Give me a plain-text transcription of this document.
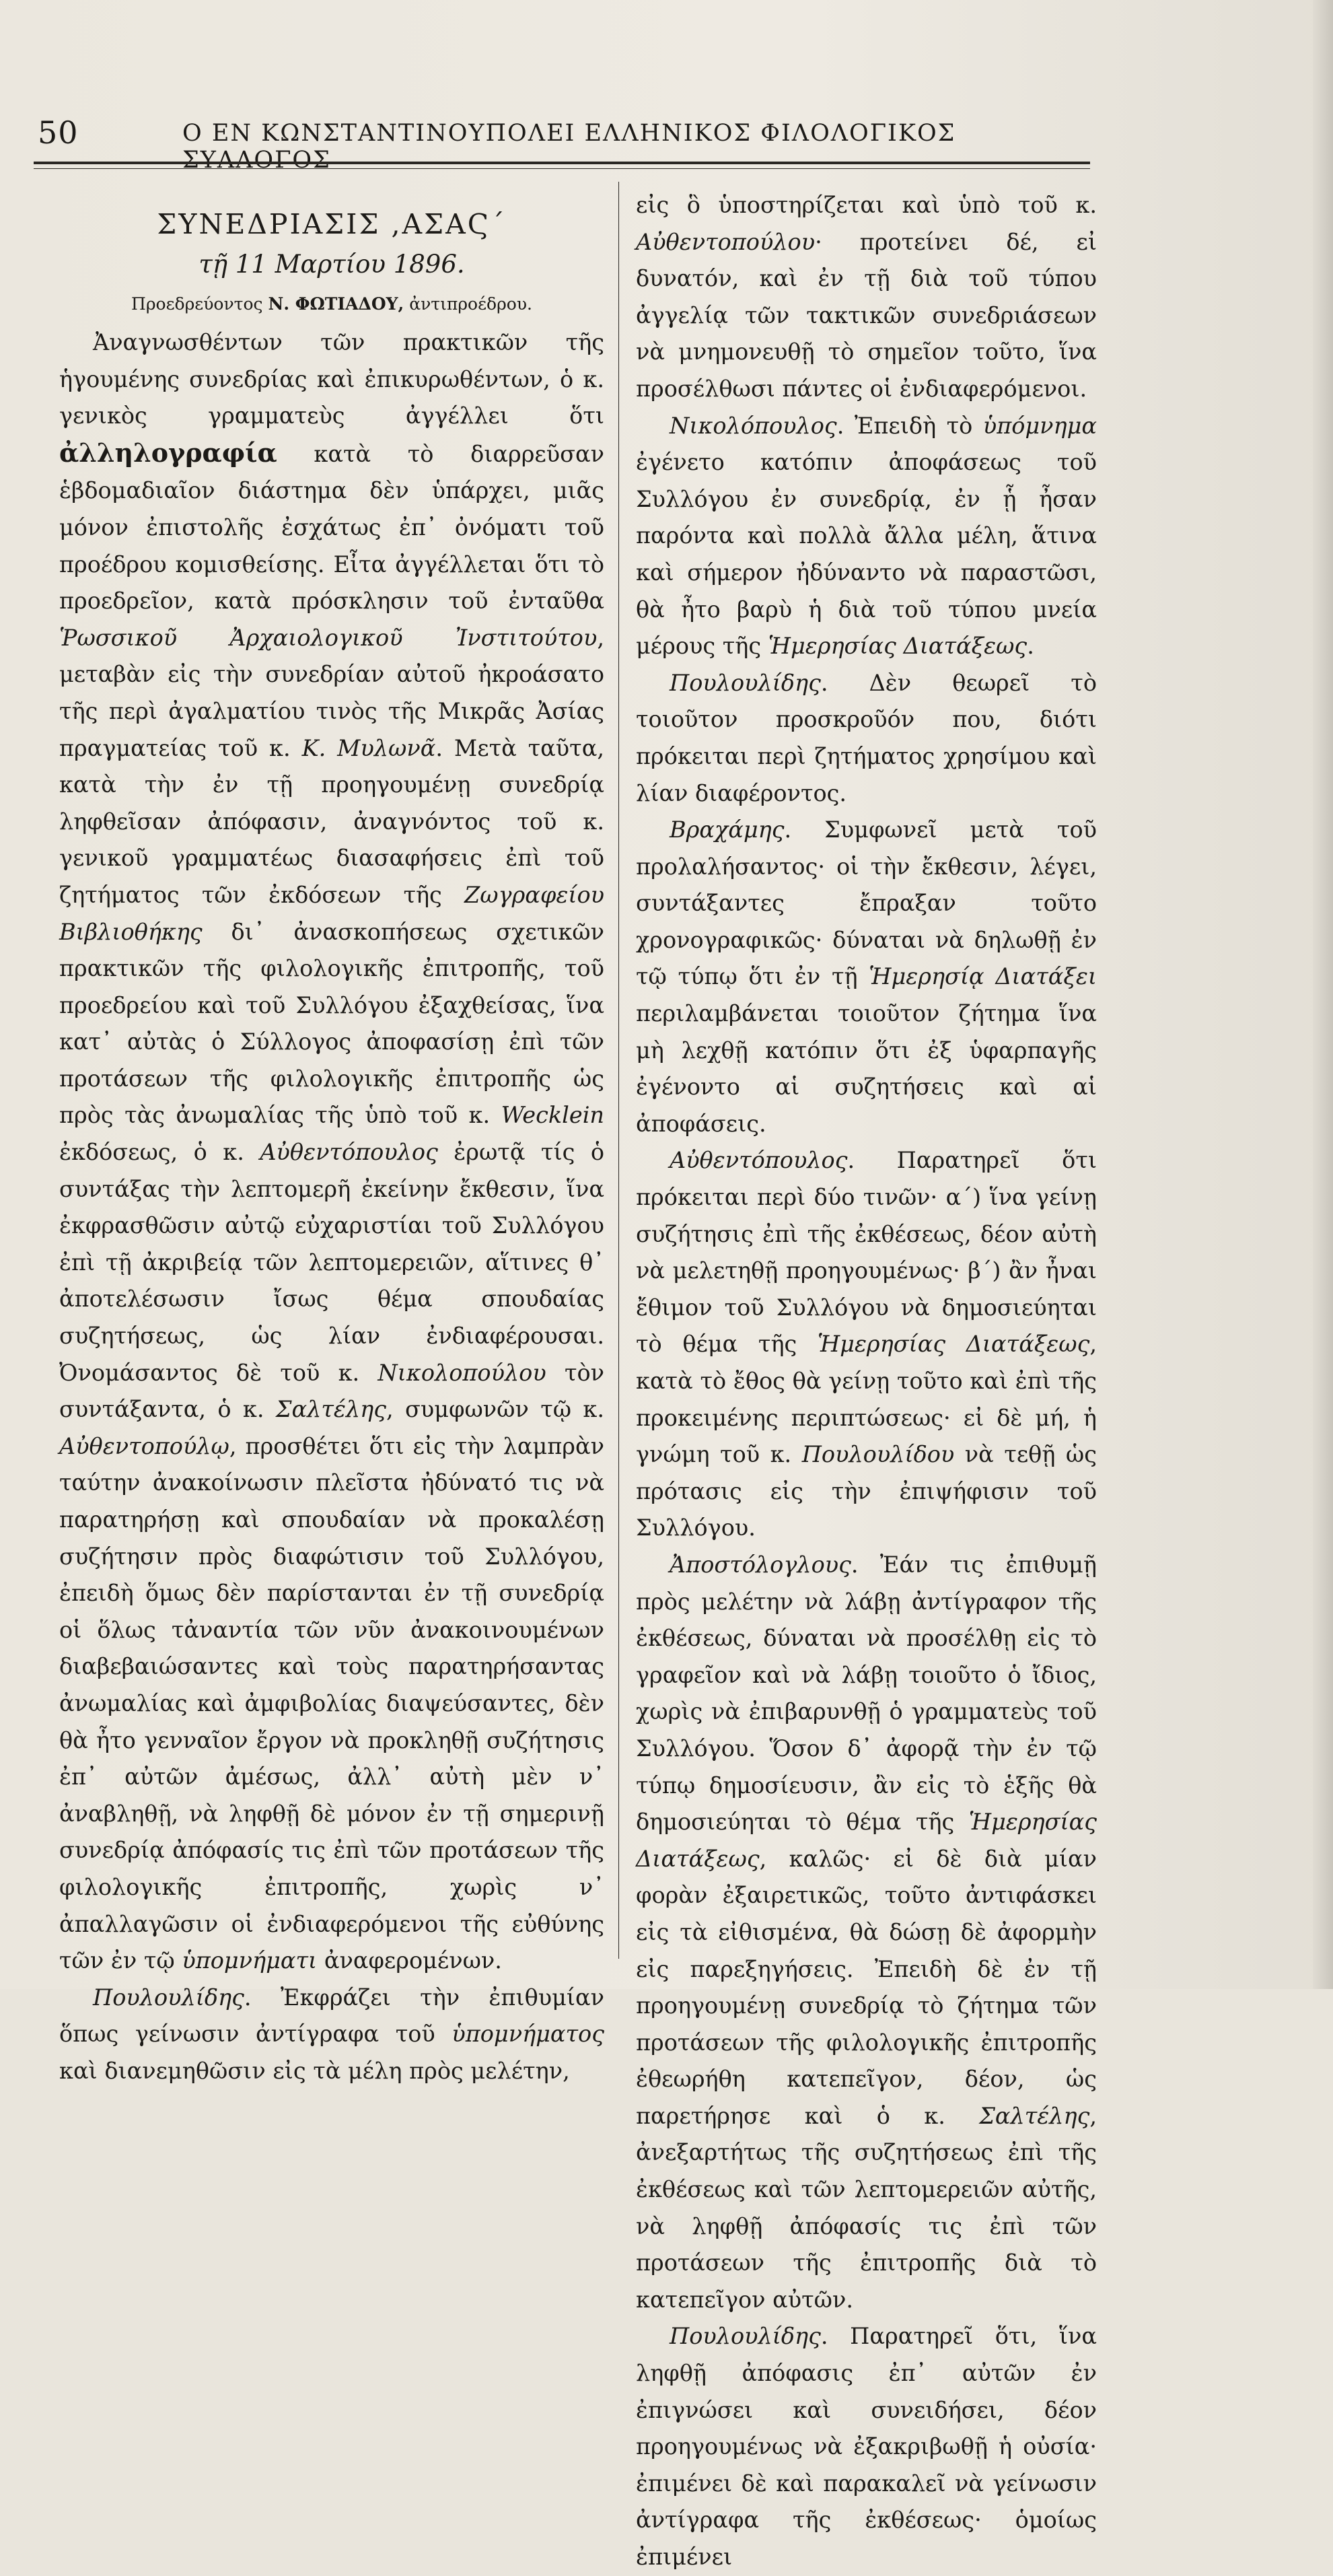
50	Ο ΕΝ ΚΩΝΣΤΑΝΤΙΝΟΥΠΟΛΕΙ ΕΛΛΗΝΙΚΟΣ ΦΙΛΟΛΟΓΙΚΟΣ ΣΥΛΛΟΓΟΣ
ΣΥΝΕΔΡΙΑΣΙΣ ,ΑΣΑϚ´
τῇ 11 Μαρτίου 1896.
Προεδρεύοντος Ν. ΦΩΤΙΑΔΟΥ, ἀντιπροέδρου.

Ἀναγνωσθέντων τῶν πρακτικῶν τῆς ἡγουμένης συνεδρίας καὶ ἐπικυρωθέντων, ὁ κ. γενικὸς γραμματεὺς ἀγγέλλει ὅτι ἀλληλογραφία κατὰ τὸ διαρρεῦσαν ἑβδομαδιαῖον διάστημα δὲν ὑπάρχει, μιᾶς μόνον ἐπιστολῆς ἐσχάτως ἐπ᾽ ὀνόματι τοῦ προέδρου κομισθείσης. Εἶτα ἀγγέλλεται ὅτι τὸ προεδρεῖον, κατὰ πρόσκλησιν τοῦ ἐνταῦθα Ῥωσσικοῦ Ἀρχαιολογικοῦ Ἰνστιτούτου, μεταβὰν εἰς τὴν συνεδρίαν αὐτοῦ ἠκροάσατο τῆς περὶ ἀγαλματίου τινὸς τῆς Μικρᾶς Ἀσίας πραγματείας τοῦ κ. Κ. Μυλωνᾶ. Μετὰ ταῦτα, κατὰ τὴν ἐν τῇ προηγουμένῃ συνεδρίᾳ ληφθεῖσαν ἀπόφασιν, ἀναγνόντος τοῦ κ. γενικοῦ γραμματέως διασαφήσεις ἐπὶ τοῦ ζητήματος τῶν ἐκδόσεων τῆς Ζωγραφείου Βιβλιοθήκης δι᾽ ἀνασκοπήσεως σχετικῶν πρακτικῶν τῆς φιλολογικῆς ἐπιτροπῆς, τοῦ προεδρείου καὶ τοῦ Συλλόγου ἐξαχθείσας, ἵνα κατ᾽ αὐτὰς ὁ Σύλλογος ἀποφασίσῃ ἐπὶ τῶν προτάσεων τῆς φιλολογικῆς ἐπιτροπῆς ὡς πρὸς τὰς ἀνωμαλίας τῆς ὑπὸ τοῦ κ. Wecklein ἐκδόσεως, ὁ κ. Αὐθεντόπουλος ἐρωτᾷ τίς ὁ συντάξας τὴν λεπτομερῆ ἐκείνην ἔκθεσιν, ἵνα ἐκφρασθῶσιν αὐτῷ εὐχαριστίαι τοῦ Συλλόγου ἐπὶ τῇ ἀκριβείᾳ τῶν λεπτομερειῶν, αἵτινες θ᾽ ἀποτελέσωσιν ἴσως θέμα σπουδαίας συζητήσεως, ὡς λίαν ἐνδιαφέρουσαι. Ὀνομάσαντος δὲ τοῦ κ. Νικολοπούλου τὸν συντάξαντα, ὁ κ. Σαλτέλης, συμφωνῶν τῷ κ. Αὐθεντοπούλῳ, προσθέτει ὅτι εἰς τὴν λαμπρὰν ταύτην ἀνακοίνωσιν πλεῖστα ἠδύνατό τις νὰ παρατηρήσῃ καὶ σπουδαίαν νὰ προκαλέσῃ συζήτησιν πρὸς διαφώτισιν τοῦ Συλλόγου, ἐπειδὴ ὅμως δὲν παρίστανται ἐν τῇ συνεδρίᾳ οἱ ὅλως τἀναντία τῶν νῦν ἀνακοινουμένων διαβεβαιώσαντες καὶ τοὺς παρατηρήσαντας ἀνωμαλίας καὶ ἀμφιβολίας διαψεύσαντες, δὲν θὰ ἦτο γενναῖον ἔργον νὰ προκληθῇ συζήτησις ἐπ᾽ αὐτῶν ἀμέσως, ἀλλ᾽ αὐτὴ μὲν ν᾽ ἀναβληθῇ, νὰ ληφθῇ δὲ μόνον ἐν τῇ σημερινῇ συνεδρίᾳ ἀπόφασίς τις ἐπὶ τῶν προτάσεων τῆς φιλολογικῆς ἐπιτροπῆς, χωρὶς ν᾽ ἀπαλλαγῶσιν οἱ ἐνδιαφερόμενοι τῆς εὐθύνης τῶν ἐν τῷ ὑπομνήματι ἀναφερομένων.

Πουλουλίδης. Ἐκφράζει τὴν ἐπιθυμίαν ὅπως γείνωσιν ἀντίγραφα τοῦ ὑπομνήματος καὶ διανεμηθῶσιν εἰς τὰ μέλη πρὸς μελέτην,

εἰς ὃ ὑποστηρίζεται καὶ ὑπὸ τοῦ κ. Αὐθεντοπούλου· προτείνει δέ, εἰ δυνατόν, καὶ ἐν τῇ διὰ τοῦ τύπου ἀγγελίᾳ τῶν τακτικῶν συνεδριάσεων νὰ μνημονευθῇ τὸ σημεῖον τοῦτο, ἵνα προσέλθωσι πάντες οἱ ἐνδιαφερόμενοι.

Νικολόπουλος. Ἐπειδὴ τὸ ὑπόμνημα ἐγένετο κατόπιν ἀποφάσεως τοῦ Συλλόγου ἐν συνεδρίᾳ, ἐν ᾗ ἦσαν παρόντα καὶ πολλὰ ἄλλα μέλη, ἅτινα καὶ σήμερον ἠδύναντο νὰ παραστῶσι, θὰ ἦτο βαρὺ ἡ διὰ τοῦ τύπου μνεία μέρους τῆς Ἡμερησίας Διατάξεως.

Πουλουλίδης. Δὲν θεωρεῖ τὸ τοιοῦτον προσκροῦόν που, διότι πρόκειται περὶ ζητήματος χρησίμου καὶ λίαν διαφέροντος.

Βραχάμης. Συμφωνεῖ μετὰ τοῦ προλαλήσαντος· οἱ τὴν ἔκθεσιν, λέγει, συντάξαντες ἔπραξαν τοῦτο χρονογραφικῶς· δύναται νὰ δηλωθῇ ἐν τῷ τύπῳ ὅτι ἐν τῇ Ἡμερησίᾳ Διατάξει περιλαμβάνεται τοιοῦτον ζήτημα ἵνα μὴ λεχθῇ κατόπιν ὅτι ἐξ ὑφαρπαγῆς ἐγένοντο αἱ συζητήσεις καὶ αἱ ἀποφάσεις.

Αὐθεντόπουλος. Παρατηρεῖ ὅτι πρόκειται περὶ δύο τινῶν· α´) ἵνα γείνῃ συζήτησις ἐπὶ τῆς ἐκθέσεως, δέον αὐτὴ νὰ μελετηθῇ προηγουμένως· β´) ἂν ἦναι ἔθιμον τοῦ Συλλόγου νὰ δημοσιεύηται τὸ θέμα τῆς Ἡμερησίας Διατάξεως, κατὰ τὸ ἔθος θὰ γείνῃ τοῦτο καὶ ἐπὶ τῆς προκειμένης περιπτώσεως· εἰ δὲ μή, ἡ γνώμη τοῦ κ. Πουλουλίδου νὰ τεθῇ ὡς πρότασις εἰς τὴν ἐπιψήφισιν τοῦ Συλλόγου.

Ἀποστόλογλους. Ἐάν τις ἐπιθυμῇ πρὸς μελέτην νὰ λάβῃ ἀντίγραφον τῆς ἐκθέσεως, δύναται νὰ προσέλθῃ εἰς τὸ γραφεῖον καὶ νὰ λάβῃ τοιοῦτο ὁ ἴδιος, χωρὶς νὰ ἐπιβαρυνθῇ ὁ γραμματεὺς τοῦ Συλλόγου. Ὅσον δ᾽ ἀφορᾷ τὴν ἐν τῷ τύπῳ δημοσίευσιν, ἂν εἰς τὸ ἑξῆς θὰ δημοσιεύηται τὸ θέμα τῆς Ἡμερησίας Διατάξεως, καλῶς· εἰ δὲ διὰ μίαν φορὰν ἐξαιρετικῶς, τοῦτο ἀντιφάσκει εἰς τὰ εἰθισμένα, θὰ δώσῃ δὲ ἀφορμὴν εἰς παρεξηγήσεις. Ἐπειδὴ δὲ ἐν τῇ προηγουμένῃ συνεδρίᾳ τὸ ζήτημα τῶν προτάσεων τῆς φιλολογικῆς ἐπιτροπῆς ἐθεωρήθη κατεπεῖγον, δέον, ὡς παρετήρησε καὶ ὁ κ. Σαλτέλης, ἀνεξαρτήτως τῆς συζητήσεως ἐπὶ τῆς ἐκθέσεως καὶ τῶν λεπτομερειῶν αὐτῆς, νὰ ληφθῇ ἀπόφασίς τις ἐπὶ τῶν προτάσεων τῆς ἐπιτροπῆς διὰ τὸ κατεπεῖγον αὐτῶν.

Πουλουλίδης. Παρατηρεῖ ὅτι, ἵνα ληφθῇ ἀπόφασις ἐπ᾽ αὐτῶν ἐν ἐπιγνώσει καὶ συνειδήσει, δέον προηγουμένως νὰ ἐξακριβωθῇ ἡ οὐσία· ἐπιμένει δὲ καὶ παρακαλεῖ νὰ γείνωσιν ἀντίγραφα τῆς ἐκθέσεως· ὁμοίως ἐπιμένει
